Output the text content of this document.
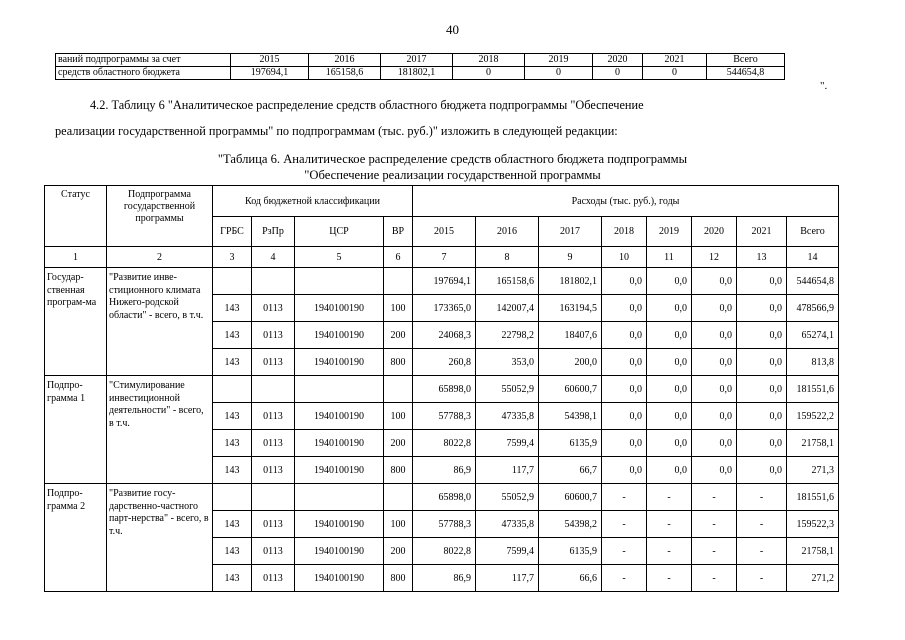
40
ваний подпрограммы за счет	2015	2016	2017	2018	2019	2020	2021	Всего
средств областного бюджета	197694,1	165158,6	181802,1	0	0	0	0	544654,8
".
4.2. Таблицу 6 "Аналитическое распределение средств областного бюджета подпрограммы "Обеспечение
реализации государственной программы" по подпрограммам (тыс. руб.)" изложить в следующей редакции:
"Таблица 6. Аналитическое распределение средств областного бюджета подпрограммы
"Обеспечение реализации государственной программы
Статус	Подпрограмма государственной программы	Код бюджетной классификации				Расходы (тыс. руб.), годы							
		ГРБС	РзПр	ЦСР	ВР	2015	2016	2017	2018	2019	2020	2021	Всего
1	2	3	4	5	6	7	8	9	10	11	12	13	14
Государ-ственная програм-ма	"Развитие инве-стиционного климата Нижего-родской области" - всего, в т.ч.					197694,1	165158,6	181802,1	0,0	0,0	0,0	0,0	544654,8
		143	0113	1940100190	100	173365,0	142007,4	163194,5	0,0	0,0	0,0	0,0	478566,9
		143	0113	1940100190	200	24068,3	22798,2	18407,6	0,0	0,0	0,0	0,0	65274,1
		143	0113	1940100190	800	260,8	353,0	200,0	0,0	0,0	0,0	0,0	813,8
Подпро-грамма 1	"Стимулирование инвестиционной деятельности" - всего, в т.ч.					65898,0	55052,9	60600,7	0,0	0,0	0,0	0,0	181551,6
		143	0113	1940100190	100	57788,3	47335,8	54398,1	0,0	0,0	0,0	0,0	159522,2
		143	0113	1940100190	200	8022,8	7599,4	6135,9	0,0	0,0	0,0	0,0	21758,1
		143	0113	1940100190	800	86,9	117,7	66,7	0,0	0,0	0,0	0,0	271,3
Подпро-грамма 2	"Развитие госу-дарственно-частного парт-нерства" - всего, в т.ч.					65898,0	55052,9	60600,7	-	-	-	-	181551,6
		143	0113	1940100190	100	57788,3	47335,8	54398,2	-	-	-	-	159522,3
		143	0113	1940100190	200	8022,8	7599,4	6135,9	-	-	-	-	21758,1
		143	0113	1940100190	800	86,9	117,7	66,6	-	-	-	-	271,2
